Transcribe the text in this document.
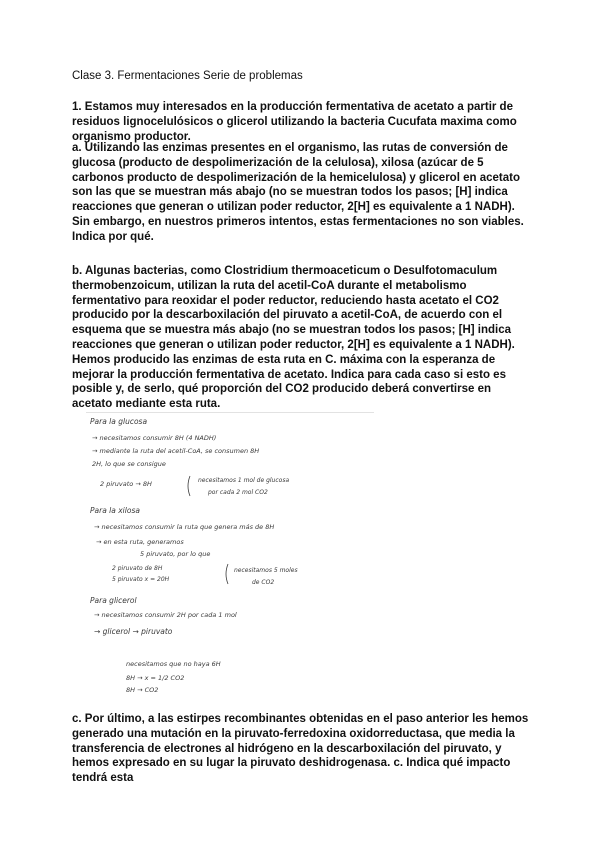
Clase 3. Fermentaciones Serie de problemas
1. Estamos muy interesados en la producción fermentativa de acetato a partir de residuos lignocelulósicos o glicerol utilizando la bacteria Cucufata maxima como organismo productor.
a. Utilizando las enzimas presentes en el organismo, las rutas de conversión de glucosa (producto de despolimerización de la celulosa), xilosa (azúcar de 5 carbonos producto de despolimerización de la hemicelulosa) y glicerol en acetato son las que se muestran más abajo (no se muestran todos los pasos; [H] indica reacciones que generan o utilizan poder reductor, 2[H] es equivalente a 1 NADH). Sin embargo, en nuestros primeros intentos, estas fermentaciones no son viables. Indica por qué.
b. Algunas bacterias, como Clostridium thermoaceticum o Desulfotomaculum thermobenzoicum, utilizan la ruta del acetil-CoA durante el metabolismo fermentativo para reoxidar el poder reductor, reduciendo hasta acetato el CO2 producido por la descarboxilación del piruvato a acetil-CoA, de acuerdo con el esquema que se muestra más abajo (no se muestran todos los pasos; [H] indica reacciones que generan o utilizan poder reductor, 2[H] es equivalente a 1 NADH). Hemos producido las enzimas de esta ruta en C. máxima con la esperanza de mejorar la producción fermentativa de acetato. Indica para cada caso si esto es posible y, de serlo, qué proporción del CO2 producido deberá convertirse en acetato mediante esta ruta.
Para la glucosa
→ necesitamos consumir 8H (4 NADH)
→ mediante la ruta del acetil-CoA, se consumen 8H
2H, lo que se consigue
2 piruvato → 8H	necesitamos 1 mol de glucosa
por cada 2 mol CO2
Para la xilosa
→ necesitamos consumir la ruta que genera más de 8H
→ en esta ruta, generamos
5 piruvato, por lo que
2 piruvato de 8H
5 piruvato x = 20H
necesitamos 5 moles
de CO2
Para glicerol
→ necesitamos consumir 2H por cada 1 mol
→ glicerol → piruvato
necesitamos que no haya 6H
8H → x = 1/2 CO2
8H → CO2
c. Por último, a las estirpes recombinantes obtenidas en el paso anterior les hemos generado una mutación en la piruvato-ferredoxina oxidorreductasa, que media la transferencia de electrones al hidrógeno en la descarboxilación del piruvato, y hemos expresado en su lugar la piruvato deshidrogenasa. c. Indica qué impacto tendrá esta
